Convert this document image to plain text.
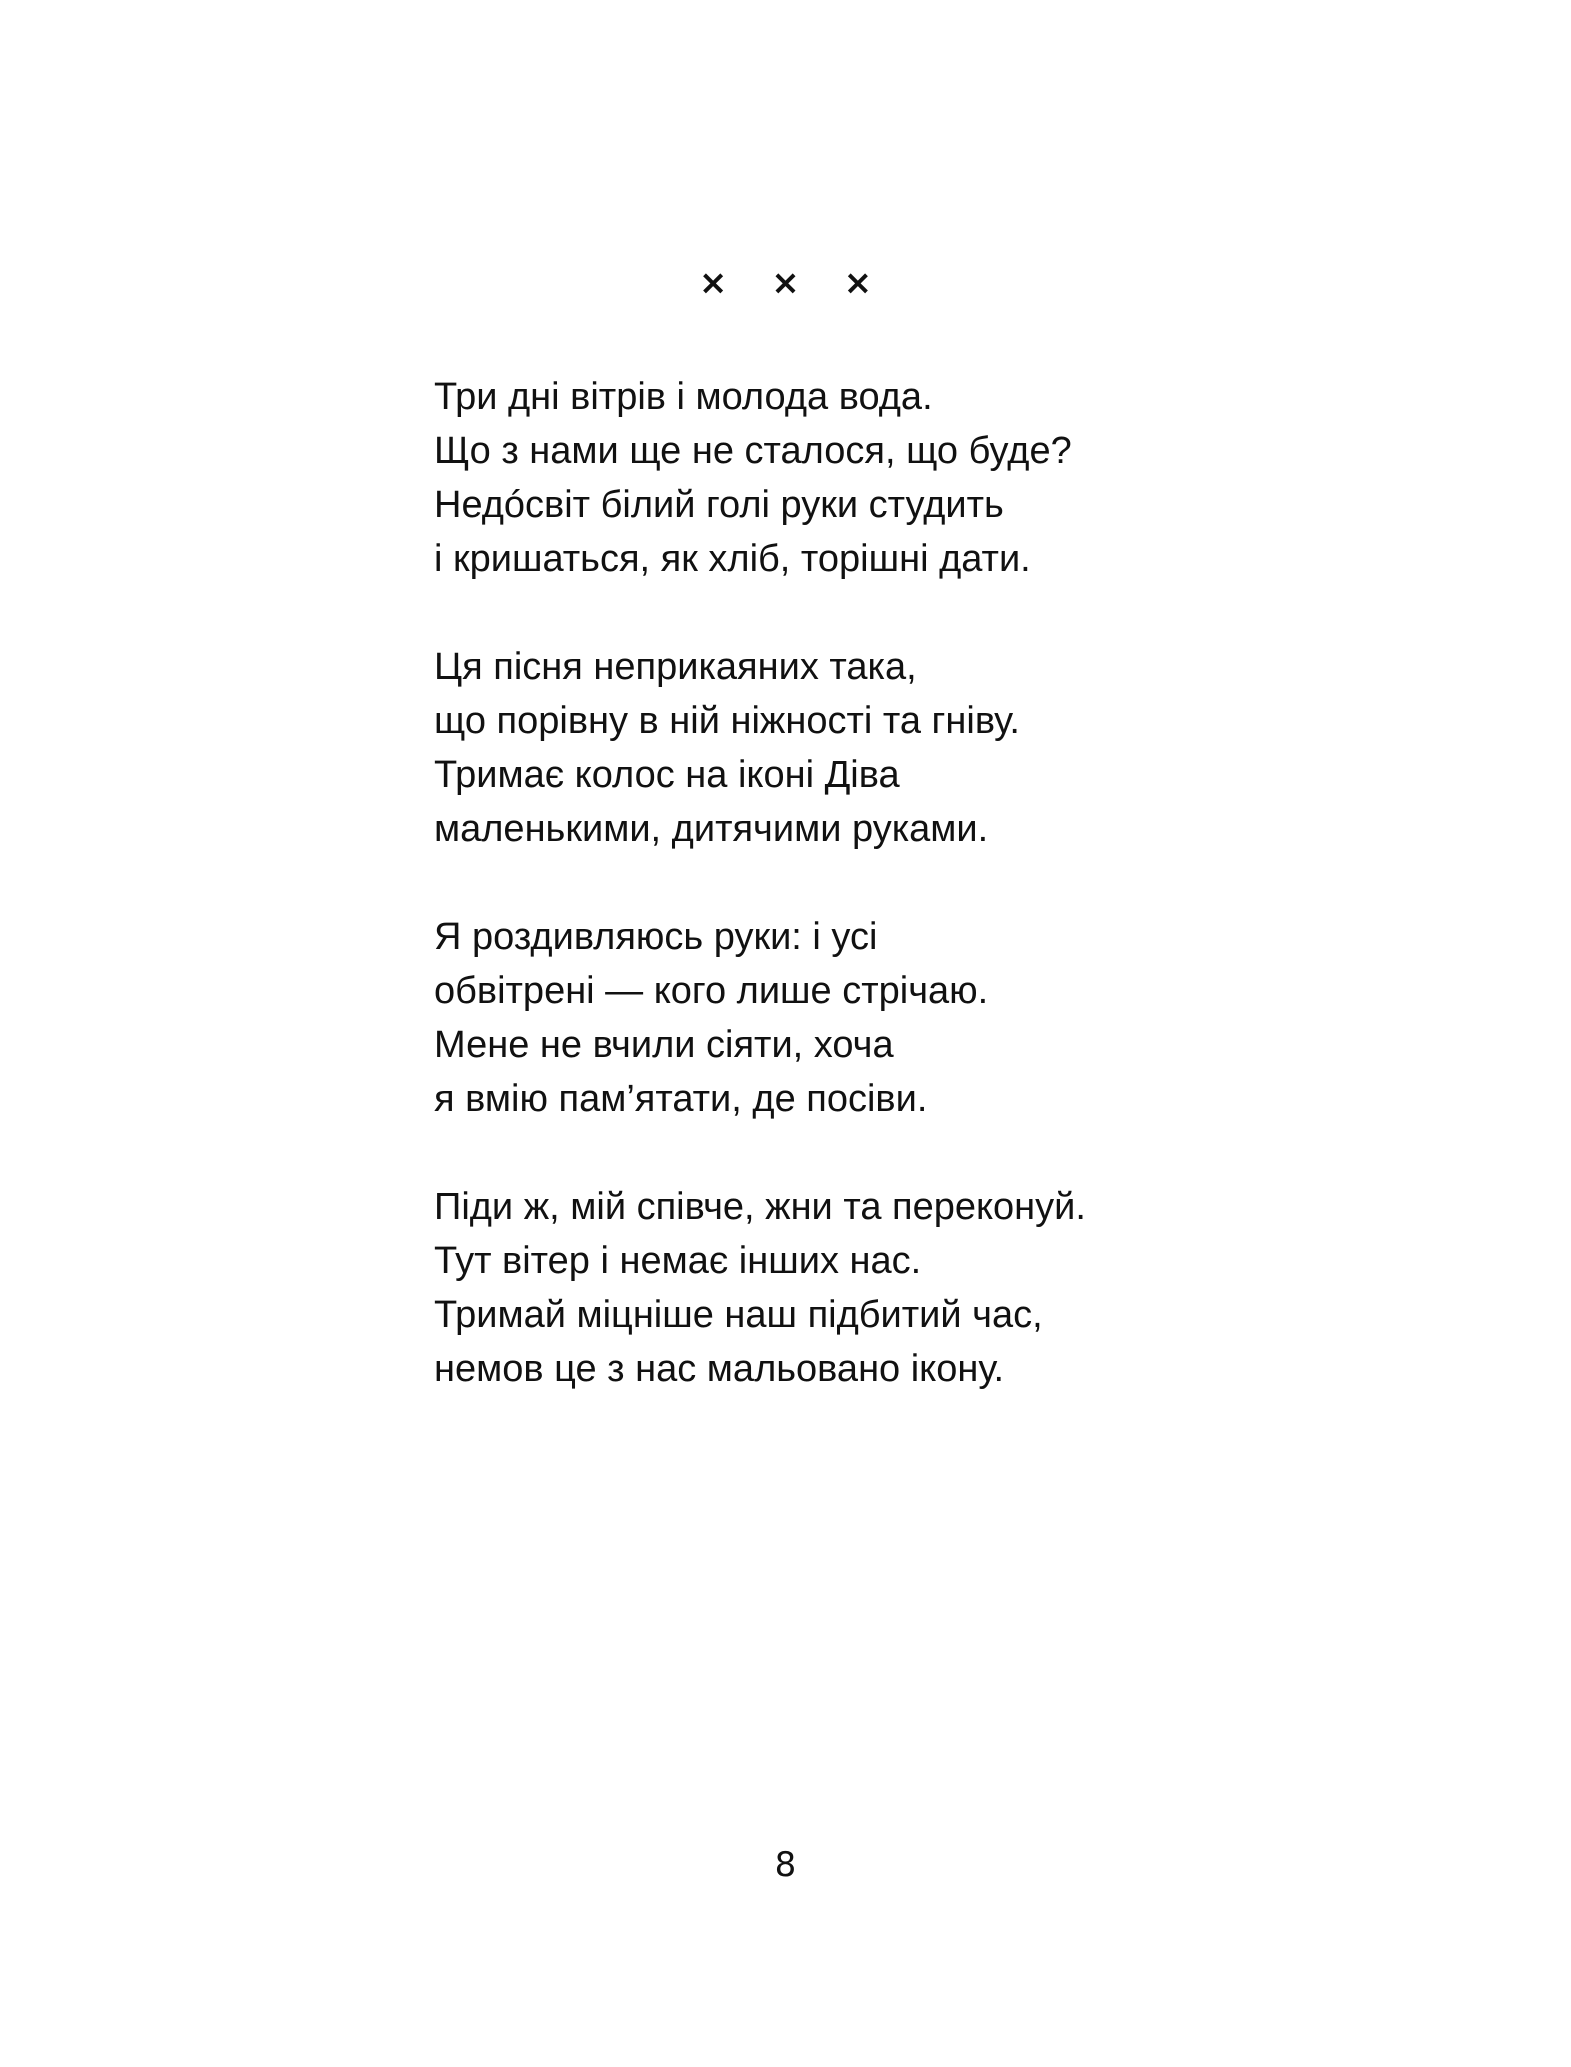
× × ×
Три дні вітрів і молода вода.
Що з нами ще не сталося, що буде?
Недóсвіт білий голі руки студить
і кришаться, як хліб, торішні дати.
Ця пісня неприкаяних така,
що порівну в ній ніжності та гніву.
Тримає колос на іконі Діва
маленькими, дитячими руками.
Я роздивляюсь руки: і усі
обвітрені — кого лише стрічаю.
Мене не вчили сіяти, хоча
я вмію пам’ятати, де посіви.
Піди ж, мій співче, жни та переконуй.
Тут вітер і немає інших нас.
Тримай міцніше наш підбитий час,
немов це з нас мальовано ікону.
8
